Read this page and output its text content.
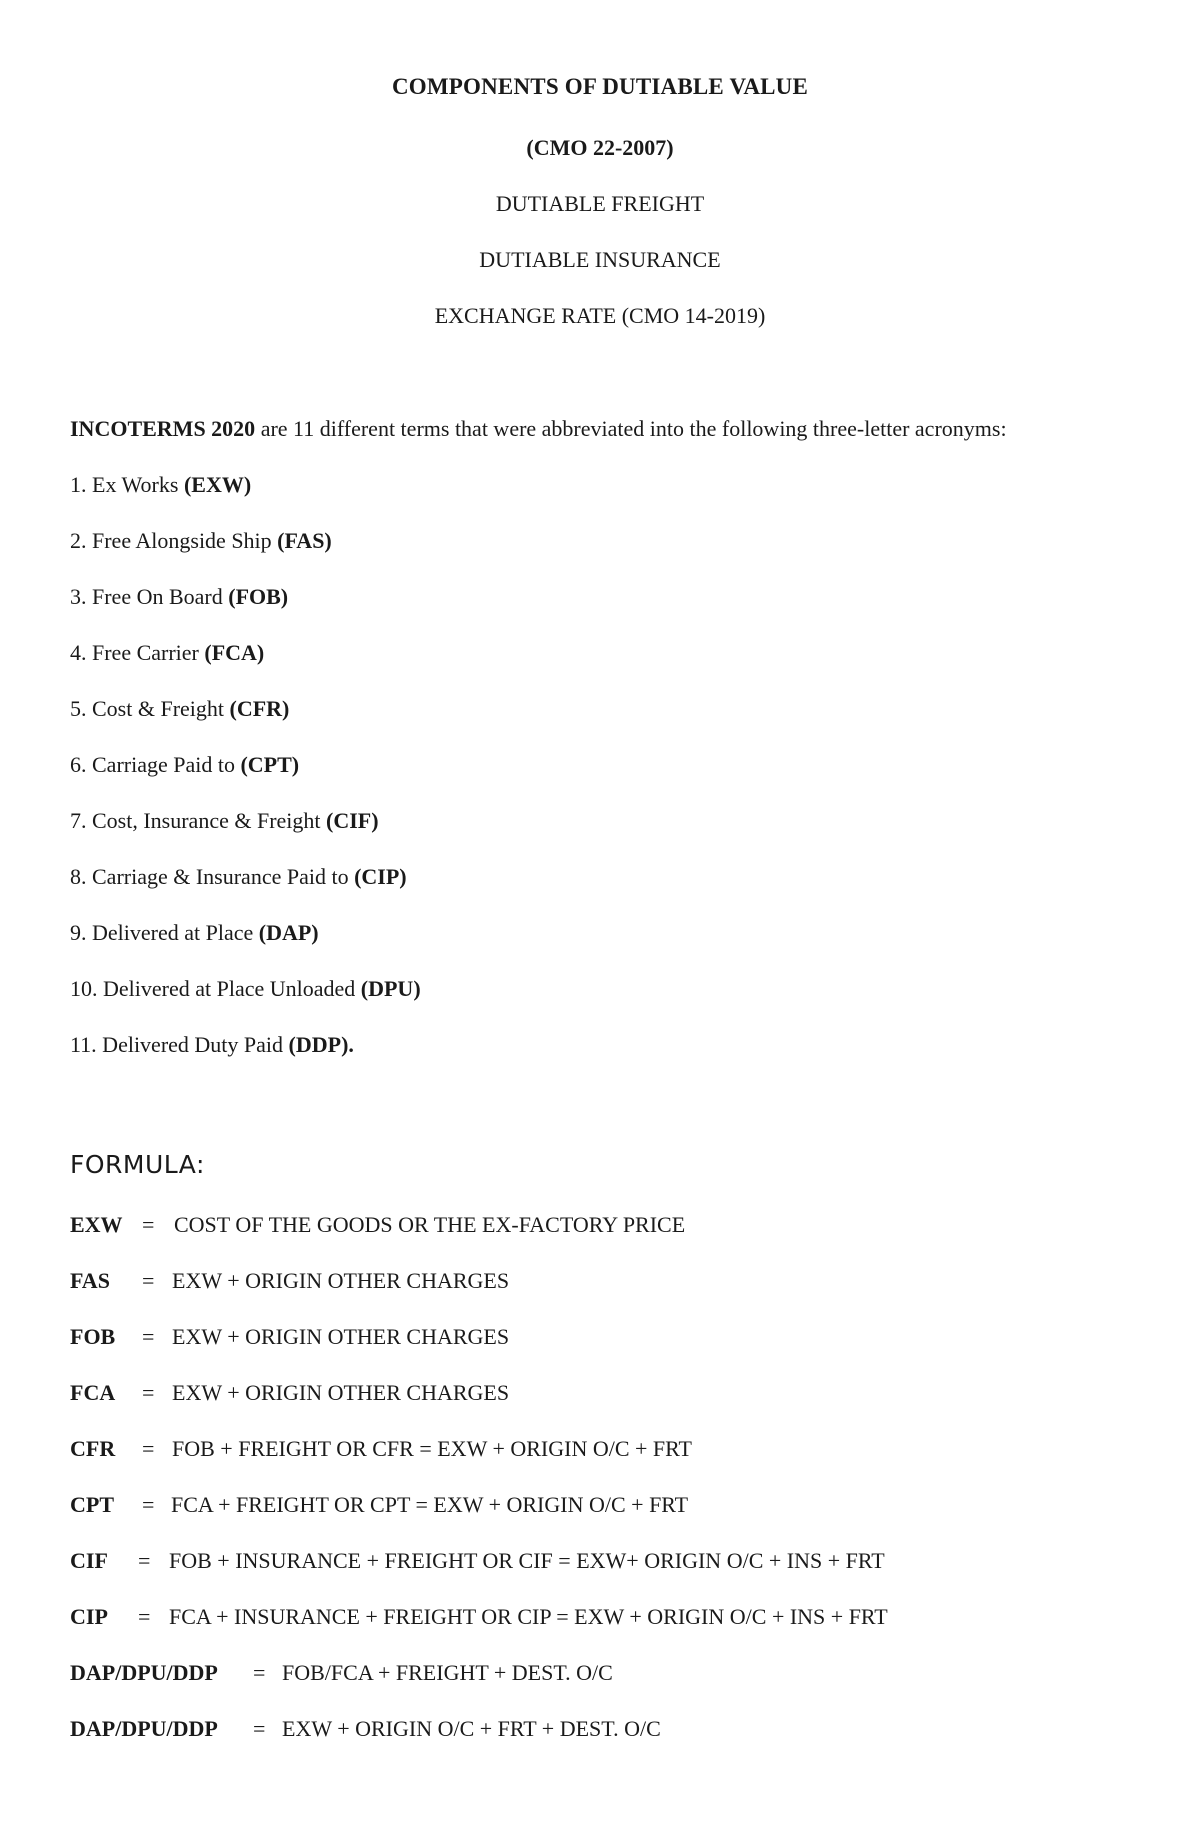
COMPONENTS OF DUTIABLE VALUE
(CMO 22-2007)
DUTIABLE FREIGHT
DUTIABLE INSURANCE
EXCHANGE RATE (CMO 14-2019)
INCOTERMS 2020 are 11 different terms that were abbreviated into the following three-letter acronyms:
1. Ex Works (EXW)
2. Free Alongside Ship (FAS)
3. Free On Board (FOB)
4. Free Carrier (FCA)
5. Cost & Freight (CFR)
6. Carriage Paid to (CPT)
7. Cost, Insurance & Freight (CIF)
8. Carriage & Insurance Paid to (CIP)
9. Delivered at Place (DAP)
10. Delivered at Place Unloaded (DPU)
11. Delivered Duty Paid (DDP).
FORMULA:
EXW = COST OF THE GOODS OR THE EX-FACTORY PRICE
FAS = EXW + ORIGIN OTHER CHARGES
FOB = EXW + ORIGIN OTHER CHARGES
FCA = EXW + ORIGIN OTHER CHARGES
CFR = FOB + FREIGHT OR CFR = EXW + ORIGIN O/C + FRT
CPT = FCA + FREIGHT OR CPT = EXW + ORIGIN O/C + FRT
CIF = FOB + INSURANCE + FREIGHT OR CIF = EXW+ ORIGIN O/C + INS + FRT
CIP = FCA + INSURANCE + FREIGHT OR CIP = EXW + ORIGIN O/C + INS + FRT
DAP/DPU/DDP = FOB/FCA + FREIGHT + DEST. O/C
DAP/DPU/DDP = EXW + ORIGIN O/C + FRT + DEST. O/C
